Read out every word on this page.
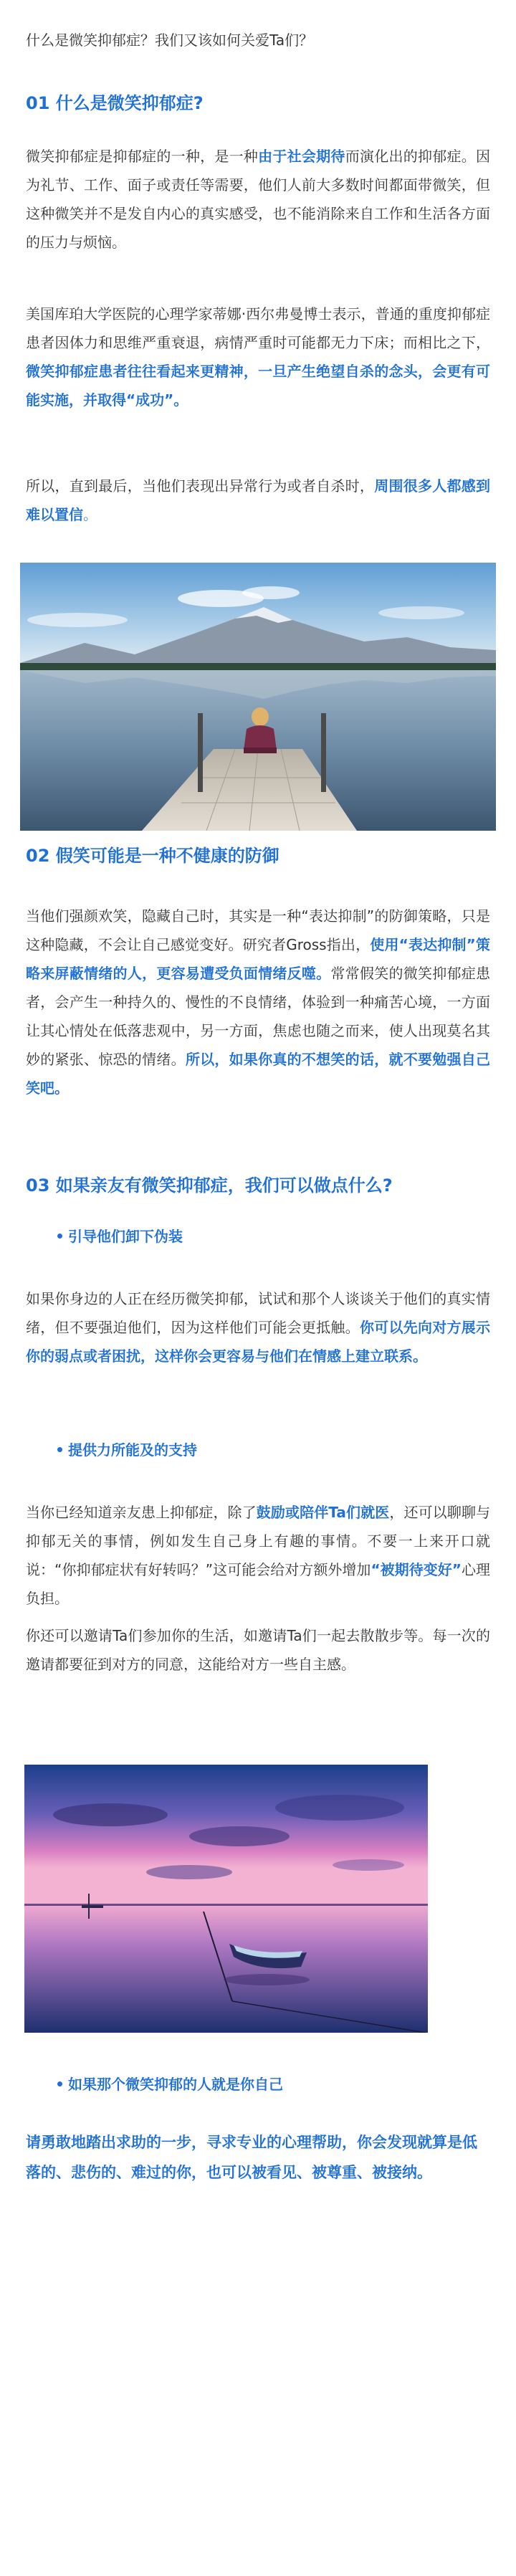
什么是微笑抑郁症？我们又该如何关爱Ta们？
01 什么是微笑抑郁症?
微笑抑郁症是抑郁症的一种，是一种由于社会期待而演化出的抑郁症。因为礼节、工作、面子或责任等需要，他们人前大多数时间都面带微笑，但这种微笑并不是发自内心的真实感受，也不能消除来自工作和生活各方面的压力与烦恼。
美国库珀大学医院的心理学家蒂娜·西尔弗曼博士表示，普通的重度抑郁症患者因体力和思维严重衰退，病情严重时可能都无力下床；而相比之下，微笑抑郁症患者往往看起来更精神，一旦产生绝望自杀的念头，会更有可能实施，并取得“成功”。
所以，直到最后，当他们表现出异常行为或者自杀时，周围很多人都感到难以置信。
02 假笑可能是一种不健康的防御
当他们强颜欢笑，隐藏自己时，其实是一种“表达抑制”的防御策略，只是这种隐藏，不会让自己感觉变好。研究者Gross指出，使用“表达抑制”策略来屏蔽情绪的人，更容易遭受负面情绪反噬。常常假笑的微笑抑郁症患者，会产生一种持久的、慢性的不良情绪，体验到一种痛苦心境，一方面让其心情处在低落悲观中，另一方面，焦虑也随之而来，使人出现莫名其妙的紧张、惊恐的情绪。所以，如果你真的不想笑的话，就不要勉强自己笑吧。
03 如果亲友有微笑抑郁症，我们可以做点什么?
引导他们卸下伪装
如果你身边的人正在经历微笑抑郁，试试和那个人谈谈关于他们的真实情绪，但不要强迫他们，因为这样他们可能会更抵触。你可以先向对方展示你的弱点或者困扰，这样你会更容易与他们在情感上建立联系。
提供力所能及的支持
当你已经知道亲友患上抑郁症，除了鼓励或陪伴Ta们就医，还可以聊聊与抑郁无关的事情，例如发生自己身上有趣的事情。不要一上来开口就说：“你抑郁症状有好转吗？”这可能会给对方额外增加“被期待变好”心理负担。
你还可以邀请Ta们参加你的生活，如邀请Ta们一起去散散步等。每一次的邀请都要征到对方的同意，这能给对方一些自主感。
如果那个微笑抑郁的人就是你自己
请勇敢地踏出求助的一步，寻求专业的心理帮助，你会发现就算是低落的、悲伤的、难过的你，也可以被看见、被尊重、被接纳。
